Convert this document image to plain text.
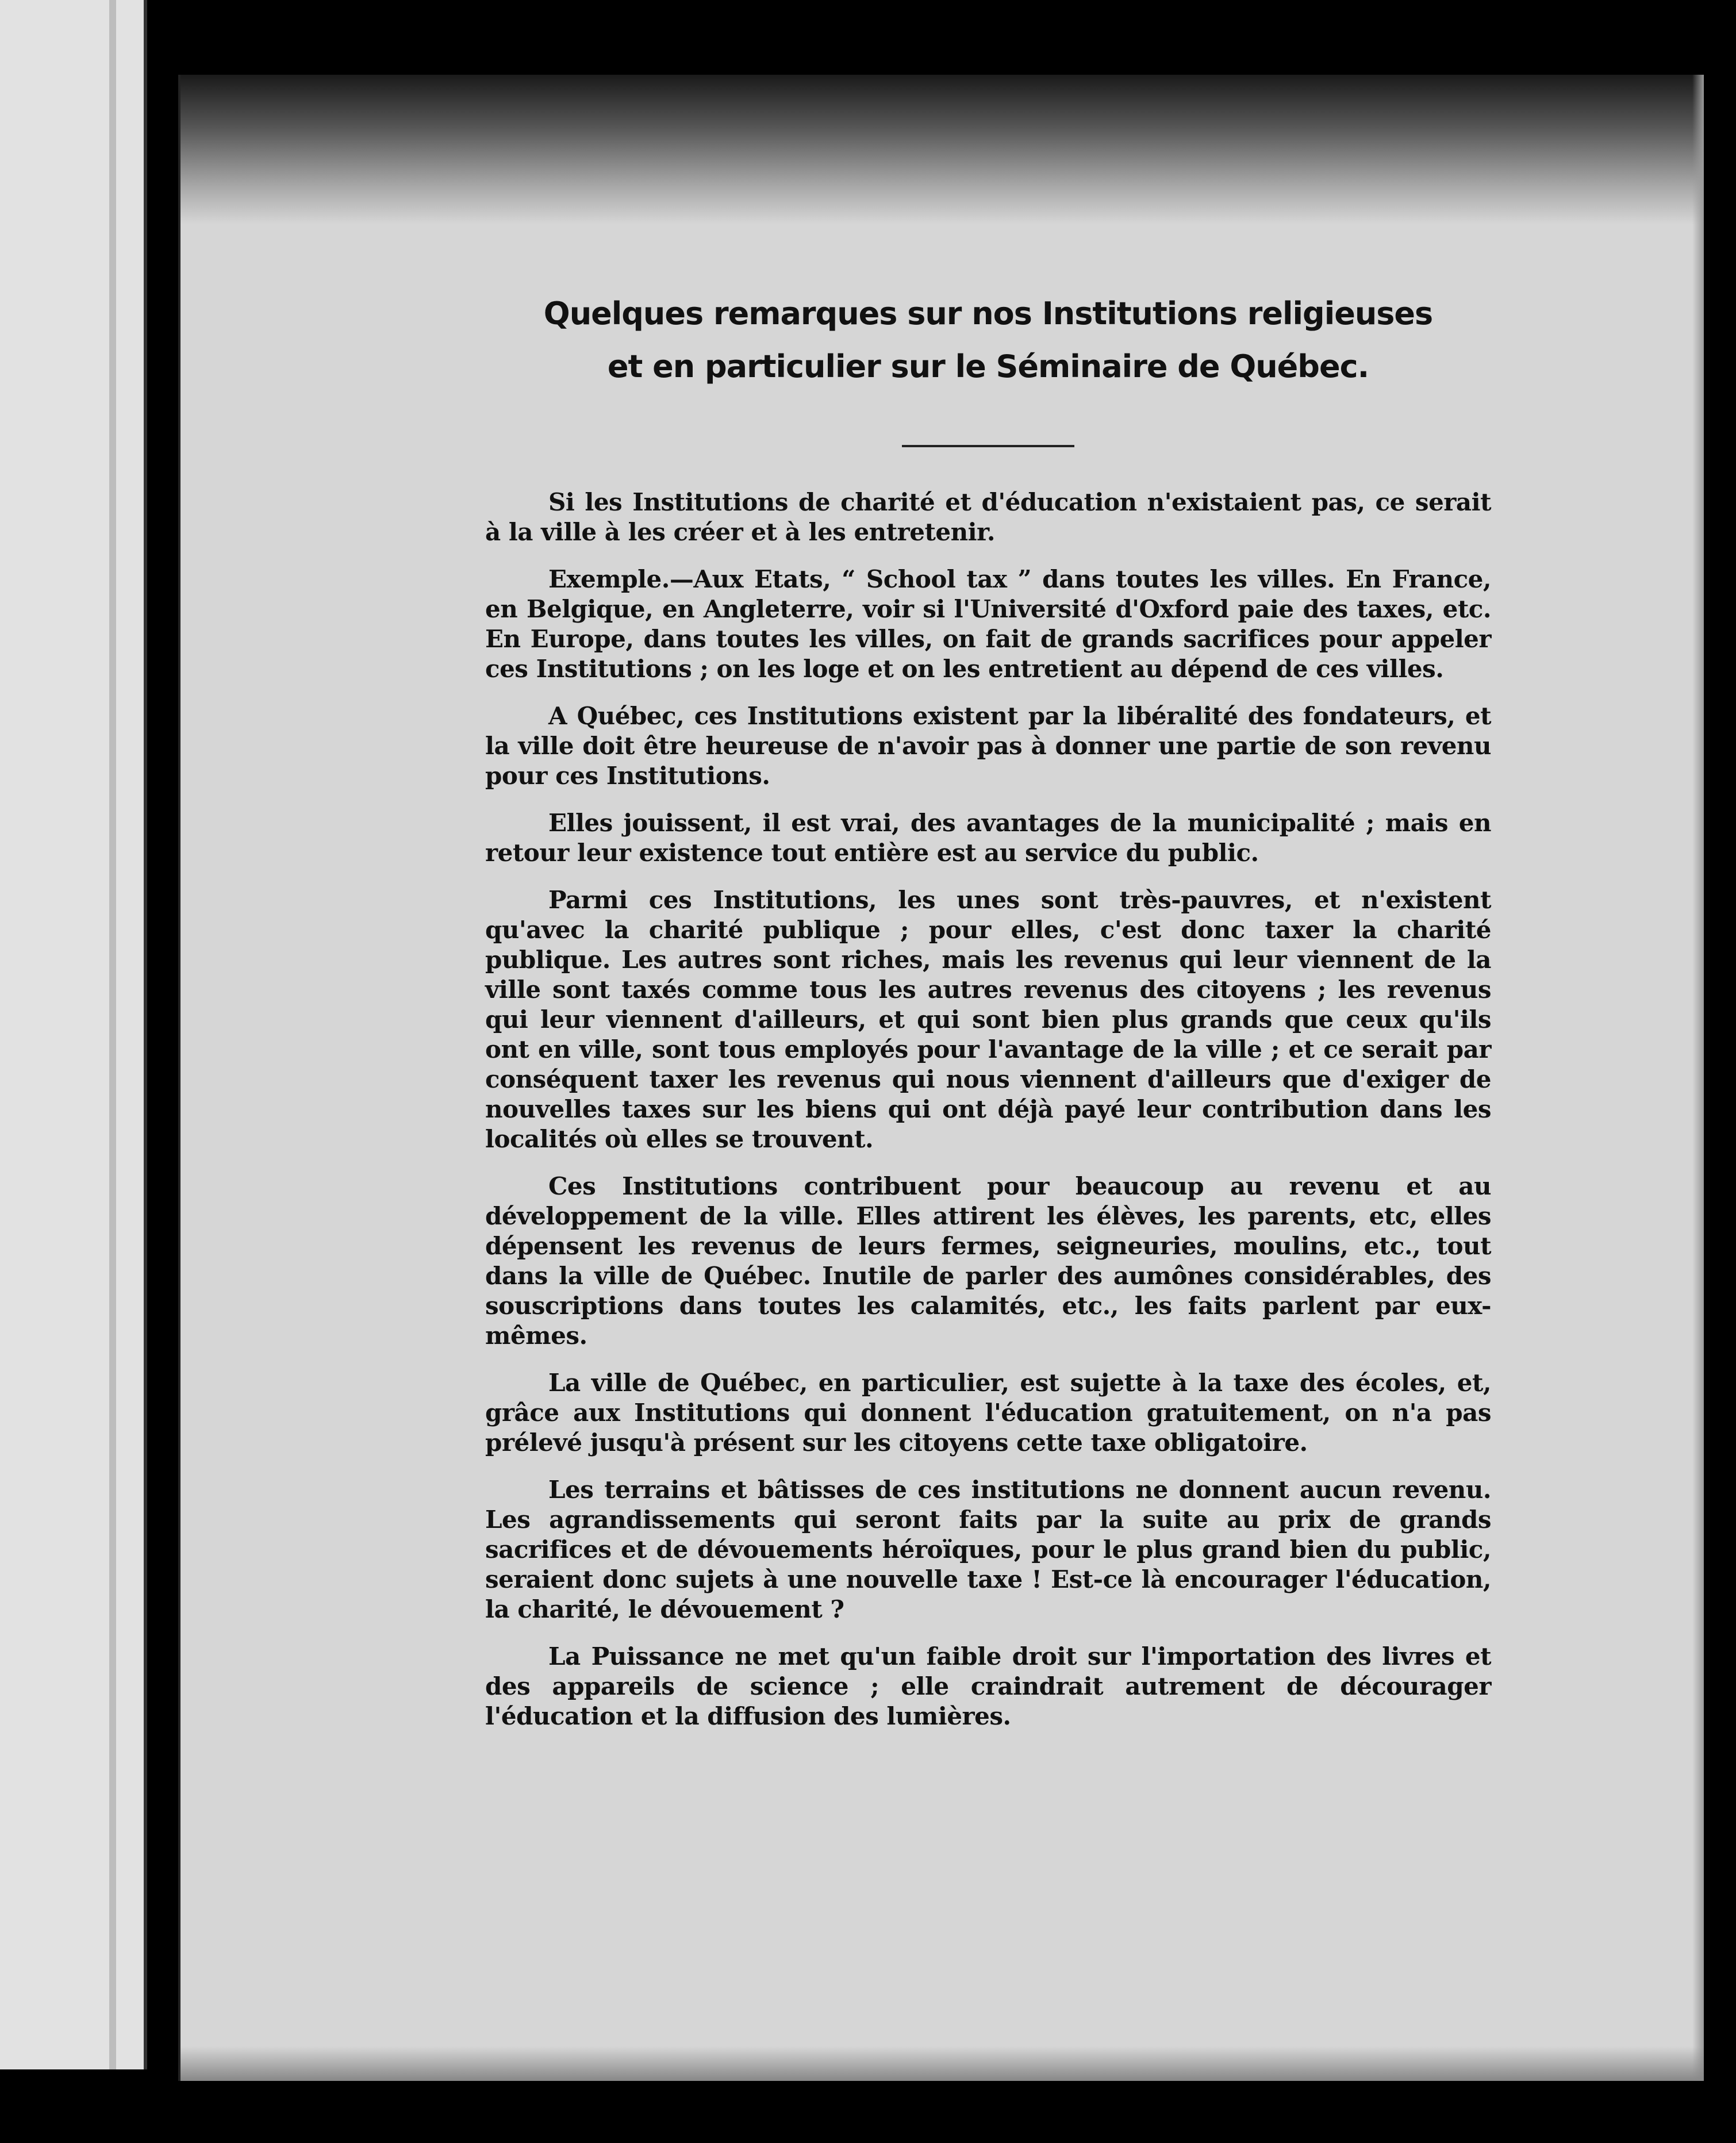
Quelques remarques sur nos Institutions religieuses
et en particulier sur le Séminaire de Québec.

Si les Institutions de charité et d'éducation n'existaient pas, ce serait à la ville à les créer et à les entretenir.

Exemple.—Aux Etats, “ School tax ” dans toutes les villes. En France, en Belgique, en Angleterre, voir si l'Université d'Oxford paie des taxes, etc. En Europe, dans toutes les villes, on fait de grands sacrifices pour appeler ces Institutions ; on les loge et on les entretient au dépend de ces villes.

A Québec, ces Institutions existent par la libéralité des fondateurs, et la ville doit être heureuse de n'avoir pas à donner une partie de son revenu pour ces Institutions.

Elles jouissent, il est vrai, des avantages de la municipalité ; mais en retour leur existence tout entière est au service du public.

Parmi ces Institutions, les unes sont très-pauvres, et n'existent qu'avec la charité publique ; pour elles, c'est donc taxer la charité publique. Les autres sont riches, mais les revenus qui leur viennent de la ville sont taxés comme tous les autres revenus des citoyens ; les revenus qui leur viennent d'ailleurs, et qui sont bien plus grands que ceux qu'ils ont en ville, sont tous employés pour l'avantage de la ville ; et ce serait par conséquent taxer les revenus qui nous viennent d'ailleurs que d'exiger de nouvelles taxes sur les biens qui ont déjà payé leur contribution dans les localités où elles se trouvent.

Ces Institutions contribuent pour beaucoup au revenu et au développement de la ville. Elles attirent les élèves, les parents, etc, elles dépensent les revenus de leurs fermes, seigneuries, moulins, etc., tout dans la ville de Québec. Inutile de parler des aumônes considérables, des souscriptions dans toutes les calamités, etc., les faits parlent par eux-mêmes.

La ville de Québec, en particulier, est sujette à la taxe des écoles, et, grâce aux Institutions qui donnent l'éducation gratuitement, on n'a pas prélevé jusqu'à présent sur les citoyens cette taxe obligatoire.

Les terrains et bâtisses de ces institutions ne donnent aucun revenu. Les agrandissements qui seront faits par la suite au prix de grands sacrifices et de dévouements héroïques, pour le plus grand bien du public, seraient donc sujets à une nouvelle taxe ! Est-ce là encourager l'éducation, la charité, le dévouement ?

La Puissance ne met qu'un faible droit sur l'importation des livres et des appareils de science ; elle craindrait autrement de décourager l'éducation et la diffusion des lumières.
